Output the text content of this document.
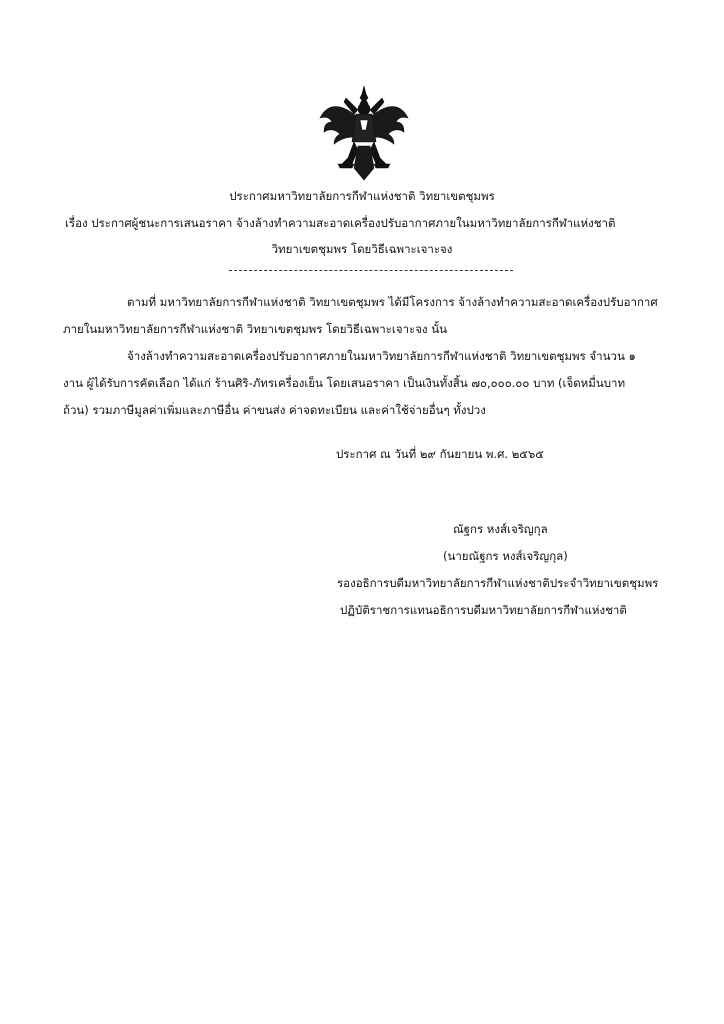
ประกาศมหาวิทยาลัยการกีฬาแห่งชาติ วิทยาเขตชุมพร
เรื่อง ประกาศผู้ชนะการเสนอราคา จ้างล้างทำความสะอาดเครื่องปรับอากาศภายในมหาวิทยาลัยการกีฬาแห่งชาติ
วิทยาเขตชุมพร โดยวิธีเฉพาะเจาะจง
ตามที่ มหาวิทยาลัยการกีฬาแห่งชาติ วิทยาเขตชุมพร ได้มีโครงการ จ้างล้างทำความสะอาดเครื่องปรับอากาศ
ภายในมหาวิทยาลัยการกีฬาแห่งชาติ วิทยาเขตชุมพร โดยวิธีเฉพาะเจาะจง นั้น
จ้างล้างทำความสะอาดเครื่องปรับอากาศภายในมหาวิทยาลัยการกีฬาแห่งชาติ วิทยาเขตชุมพร จำนวน ๑
งาน ผู้ได้รับการคัดเลือก ได้แก่ ร้านศิริ-ภัทรเครื่องเย็น โดยเสนอราคา เป็นเงินทั้งสิ้น ๗๐,๐๐๐.๐๐ บาท (เจ็ดหมื่นบาท
ถ้วน) รวมภาษีมูลค่าเพิ่มและภาษีอื่น ค่าขนส่ง ค่าจดทะเบียน และค่าใช้จ่ายอื่นๆ ทั้งปวง
ประกาศ ณ วันที่ ๒๙ กันยายน พ.ศ. ๒๕๖๕
ณัฐกร หงส์เจริญกุล
(นายณัฐกร หงส์เจริญกุล)
รองอธิการบดีมหาวิทยาลัยการกีฬาแห่งชาติประจำวิทยาเขตชุมพร
ปฏิบัติราชการแทนอธิการบดีมหาวิทยาลัยการกีฬาแห่งชาติ
